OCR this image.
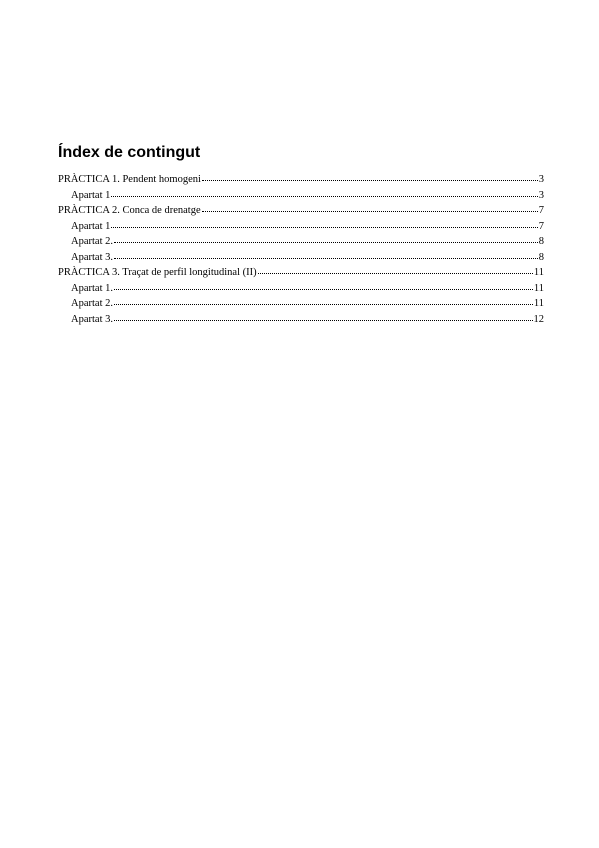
Índex de contingut
PRÀCTICA 1. Pendent homogeni	3
Apartat 1	3
PRÀCTICA 2. Conca de drenatge	7
Apartat 1	7
Apartat 2.	8
Apartat 3.	8
PRÀCTICA 3. Traçat de perfil longitudinal (II)	11
Apartat 1.	11
Apartat 2.	11
Apartat 3.	12
